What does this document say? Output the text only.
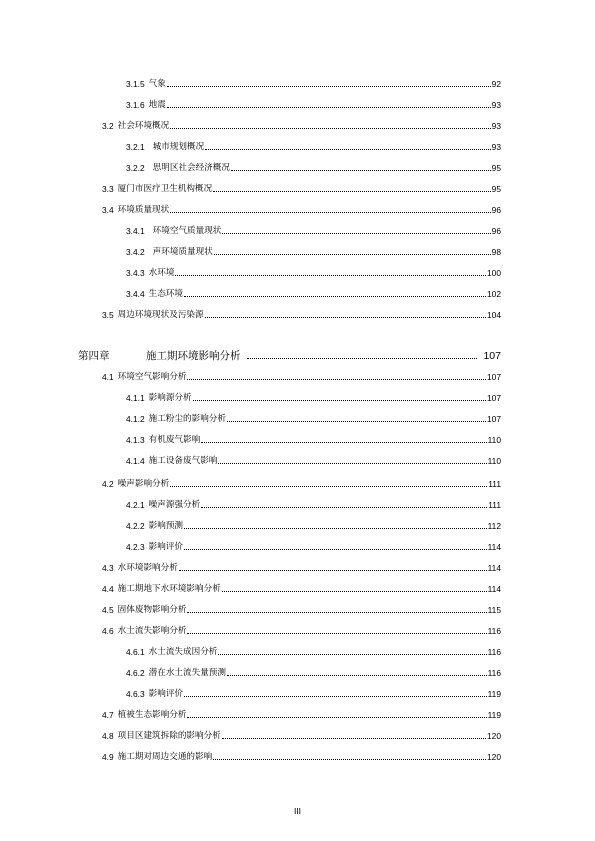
3.1.5 气象	92
3.1.6 地震	93
3.2 社会环境概况	93
3.2.1 城市规划概况	93
3.2.2 思明区社会经济概况	95
3.3 厦门市医疗卫生机构概况	95
3.4 环境质量现状	96
3.4.1 环境空气质量现状	96
3.4.2 声环境质量现状	98
3.4.3 水环境	100
3.4.4 生态环境	102
3.5 周边环境现状及污染源	104
第四章	施工期环境影响分析	107
4.1 环境空气影响分析	107
4.1.1 影响源分析	107
4.1.2 施工粉尘的影响分析	107
4.1.3 有机废气影响	110
4.1.4 施工设备废气影响	110
4.2 噪声影响分析	111
4.2.1 噪声源强分析	111
4.2.2 影响预测	112
4.2.3 影响评价	114
4.3 水环境影响分析	114
4.4 施工期地下水环境影响分析	114
4.5 固体废物影响分析	115
4.6 水土流失影响分析	116
4.6.1 水土流失成因分析	116
4.6.2 潜在水土流失量预测	116
4.6.3 影响评价	119
4.7 植被生态影响分析	119
4.8 项目区建筑拆除的影响分析	120
4.9 施工期对周边交通的影响	120
III
